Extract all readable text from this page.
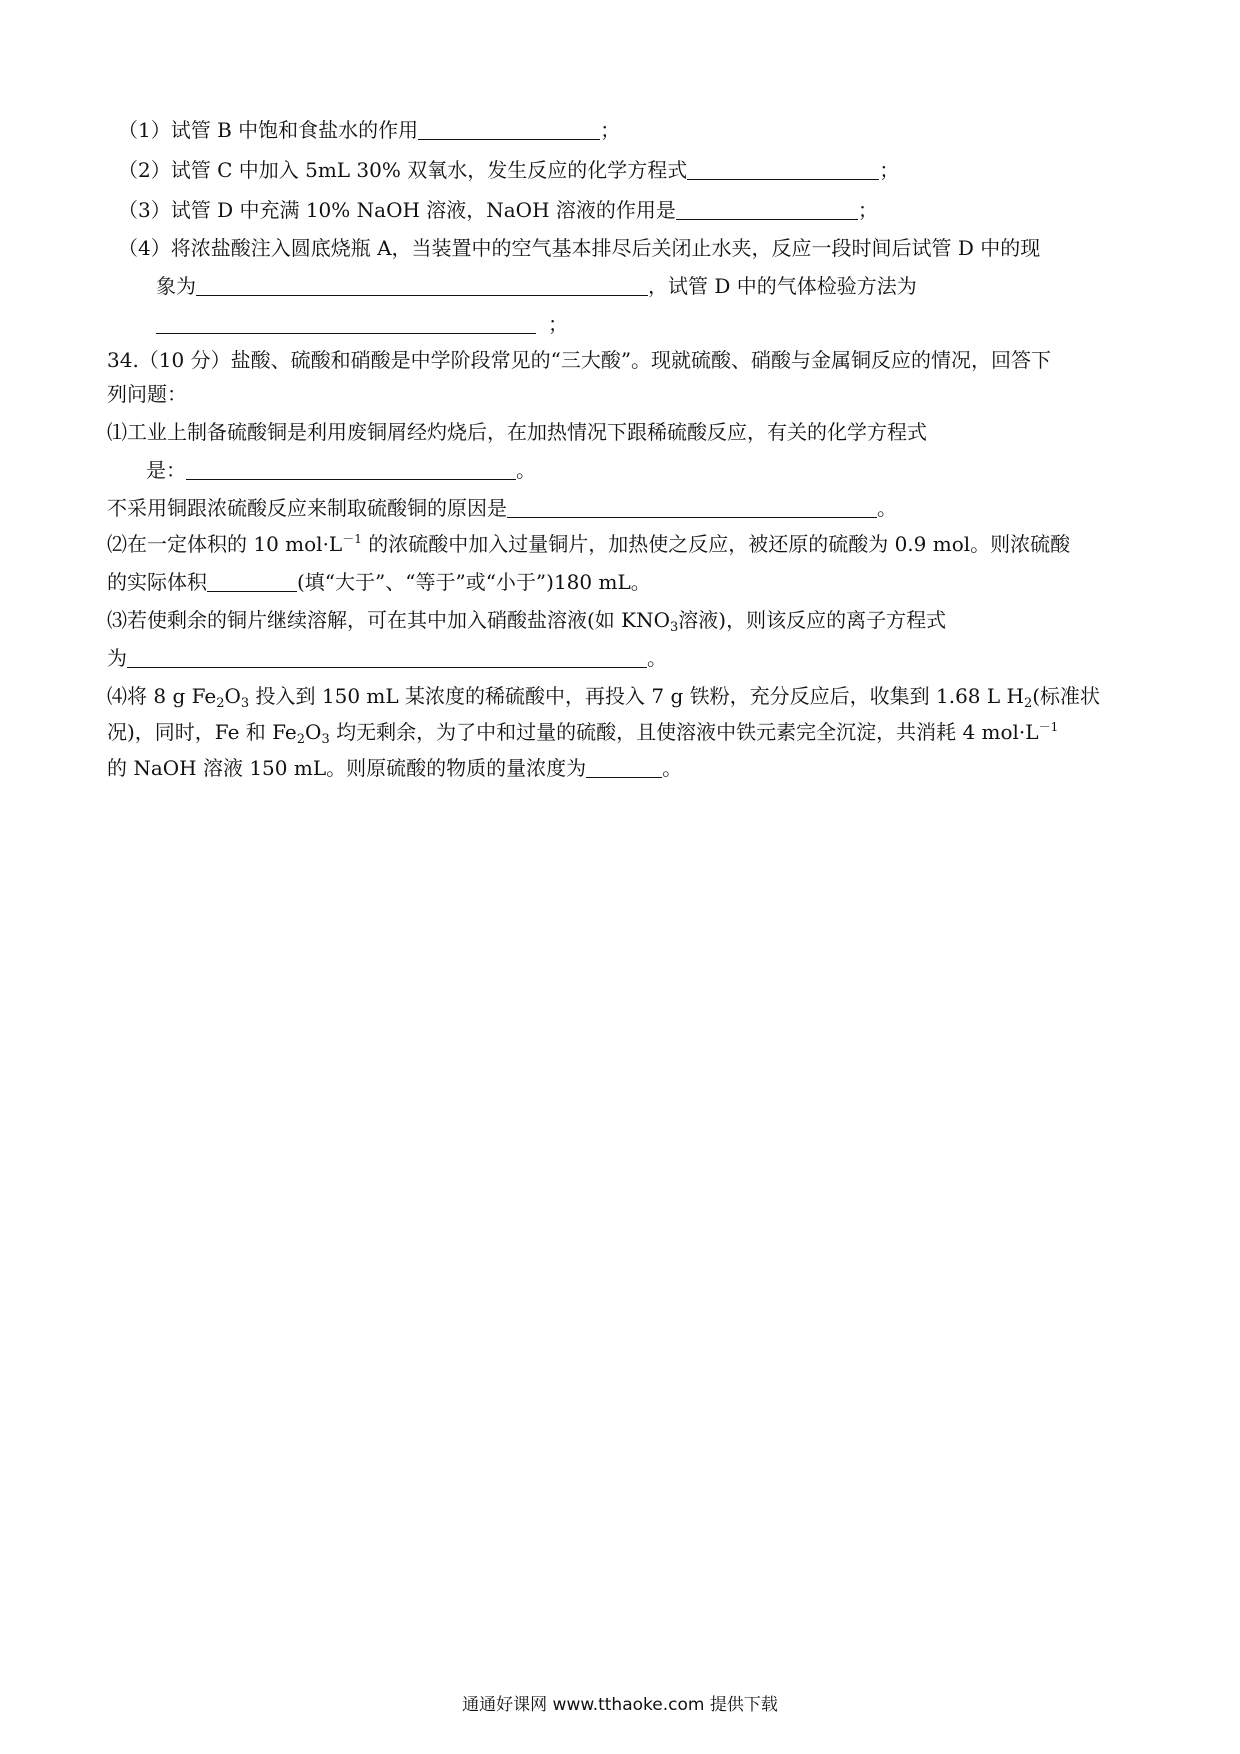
（1）试管 B 中饱和食盐水的作用	；
（2）试管 C 中加入 5mL 30% 双氧水，发生反应的化学方程式	；
（3）试管 D 中充满 10% NaOH 溶液，NaOH 溶液的作用是	；
（4）将浓盐酸注入圆底烧瓶 A，当装置中的空气基本排尽后关闭止水夹，反应一段时间后试管 D 中的现
象为	，试管 D 中的气体检验方法为
；
34.（10 分）盐酸、硫酸和硝酸是中学阶段常见的“三大酸”。现就硫酸、硝酸与金属铜反应的情况，回答下
列问题：
⑴工业上制备硫酸铜是利用废铜屑经灼烧后，在加热情况下跟稀硫酸反应，有关的化学方程式
是：	。
不采用铜跟浓硫酸反应来制取硫酸铜的原因是	。
⑵在一定体积的 10 $mol\cdot L^{-1}$ 的浓硫酸中加入过量铜片，加热使之反应，被还原的硫酸为 0.9 mol。则浓硫酸
的实际体积	(填“大于”、“等于”或“小于”)180 mL。
⑶若使剩余的铜片继续溶解，可在其中加入硝酸盐溶液(如 $KNO_3$溶液)，则该反应的离子方程式
为	。
⑷将 8 g $Fe_2O_3$ 投入到 150 mL 某浓度的稀硫酸中，再投入 7 g 铁粉，充分反应后，收集到 1.68 L $H_2$(标准状
况)，同时，Fe 和 $Fe_2O_3$ 均无剩余，为了中和过量的硫酸，且使溶液中铁元素完全沉淀，共消耗 4 $mol\cdot L^{-1}$
的 NaOH 溶液 150 mL。则原硫酸的物质的量浓度为	。
通通好课网 www.tthaoke.com 提供下载
